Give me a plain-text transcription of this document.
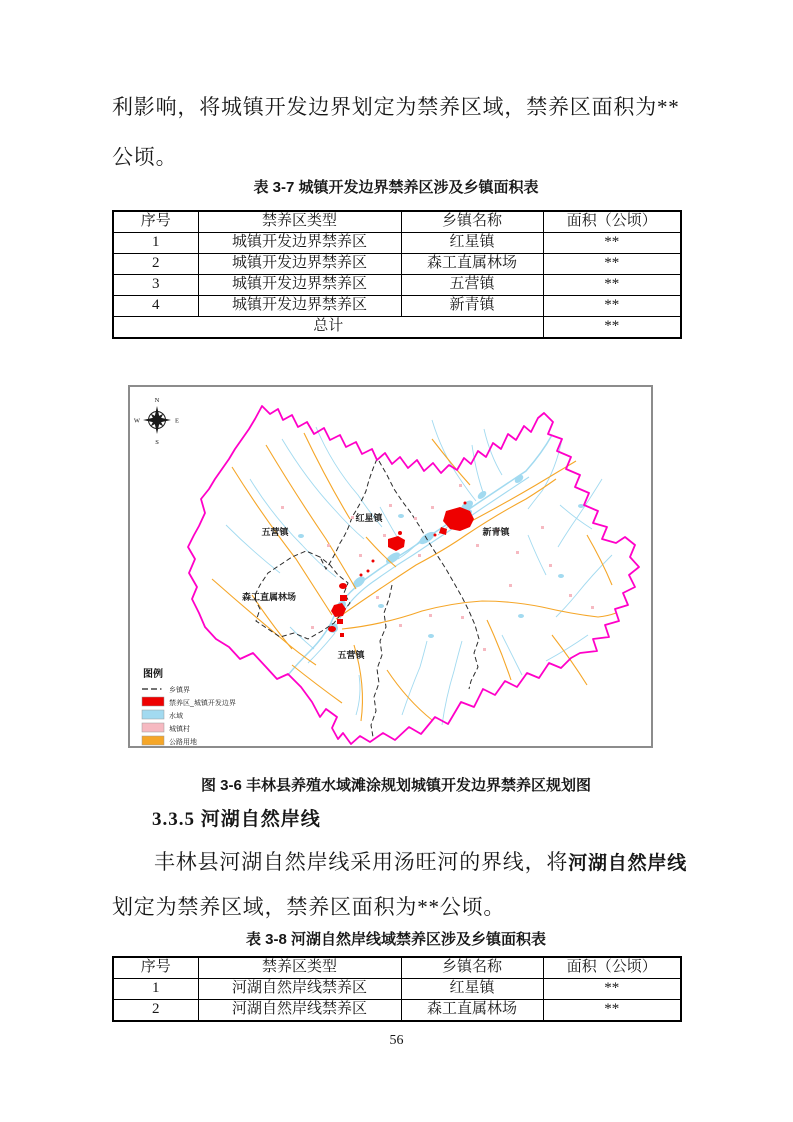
利影响，将城镇开发边界划定为禁养区域，禁养区面积为**
公顷。
表 3-7 城镇开发边界禁养区涉及乡镇面积表
序号	禁养区类型	乡镇名称	面积（公顷）
1	城镇开发边界禁养区	红星镇	**
2	城镇开发边界禁养区	森工直属林场	**
3	城镇开发边界禁养区	五营镇	**
4	城镇开发边界禁养区	新青镇	**
总计			**
五营镇
红星镇
新青镇
森工直属林场
五营镇
N
E
S
W
图例
乡镇界
禁养区_城镇开发边界
水域
城镇村
公路用地
图 3-6 丰林县养殖水域滩涂规划城镇开发边界禁养区规划图
3.3.5 河湖自然岸线
丰林县河湖自然岸线采用汤旺河的界线，将河湖自然岸线
划定为禁养区域，禁养区面积为**公顷。
表 3-8 河湖自然岸线域禁养区涉及乡镇面积表
序号	禁养区类型	乡镇名称	面积（公顷）
1	河湖自然岸线禁养区	红星镇	**
2	河湖自然岸线禁养区	森工直属林场	**
56
